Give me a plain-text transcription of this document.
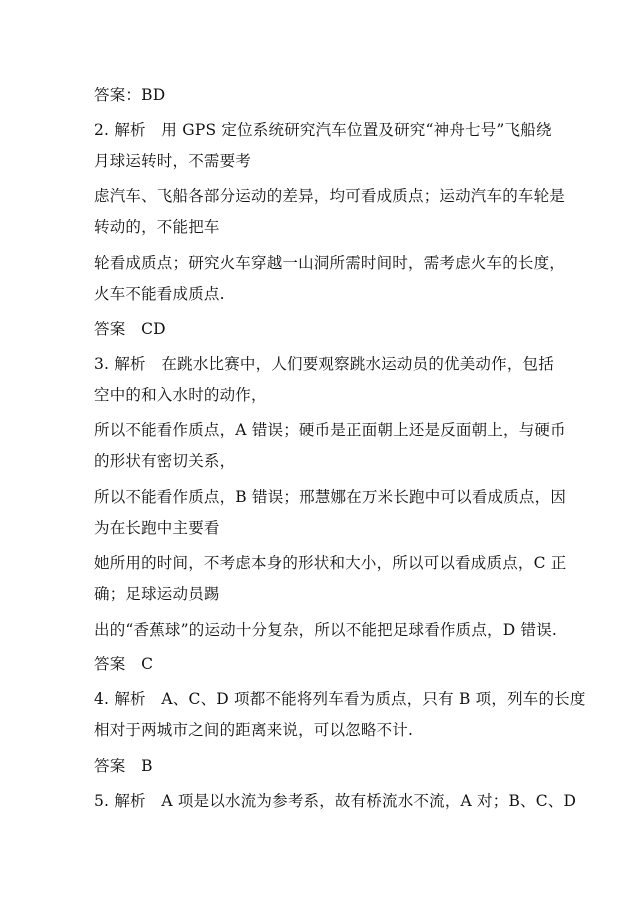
答案：BD
2. 解析　用 GPS 定位系统研究汽车位置及研究“神舟七号”飞船绕
月球运转时，不需要考
虑汽车、飞船各部分运动的差异，均可看成质点；运动汽车的车轮是
转动的，不能把车
轮看成质点；研究火车穿越一山洞所需时间时，需考虑火车的长度，
火车不能看成质点.
答案　CD
3. 解析　在跳水比赛中，人们要观察跳水运动员的优美动作，包括
空中的和入水时的动作，
所以不能看作质点，A 错误；硬币是正面朝上还是反面朝上，与硬币
的形状有密切关系，
所以不能看作质点，B 错误；邢慧娜在万米长跑中可以看成质点，因
为在长跑中主要看
她所用的时间，不考虑本身的形状和大小，所以可以看成质点，C 正
确；足球运动员踢
出的“香蕉球”的运动十分复杂，所以不能把足球看作质点，D 错误.
答案　C
4. 解析　A、C、D 项都不能将列车看为质点，只有 B 项，列车的长度
相对于两城市之间的距离来说，可以忽略不计.
答案　B
5. 解析　A 项是以水流为参考系，故有桥流水不流，A 对；B、C、D
